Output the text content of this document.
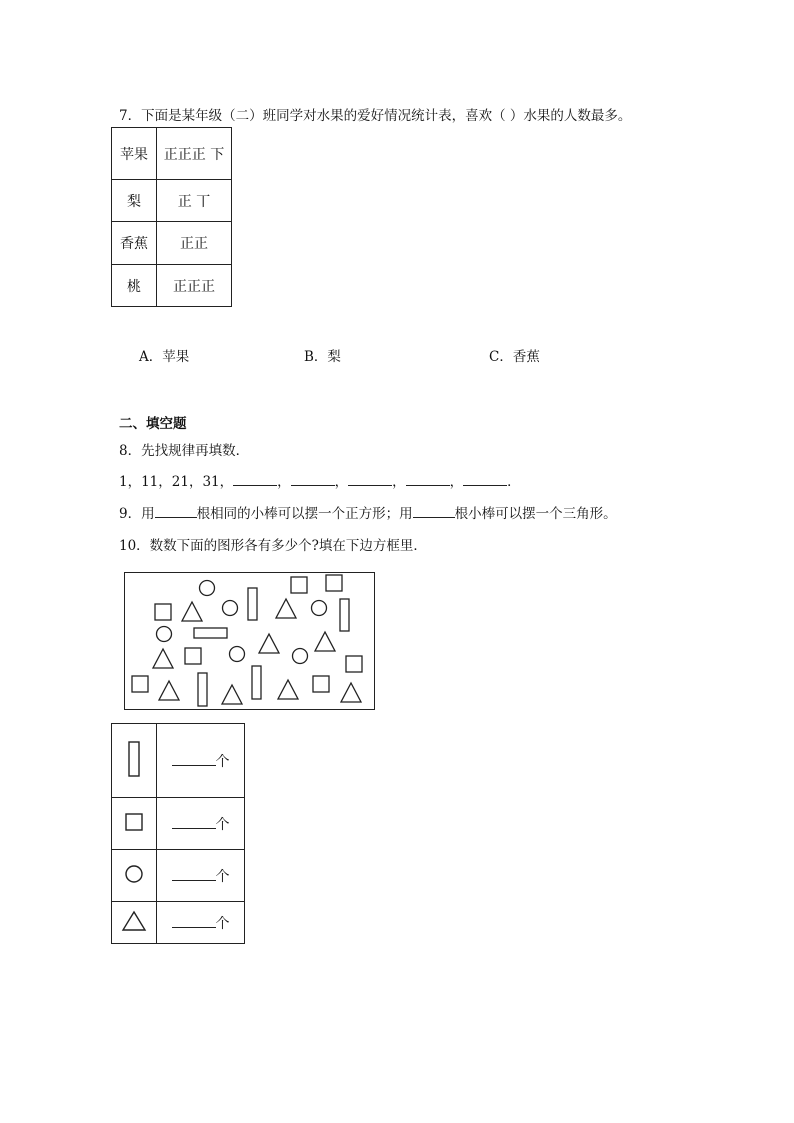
7．下面是某年级（二）班同学对水果的爱好情况统计表，喜欢（ ）水果的人数最多。
苹果	正正正 下
梨	正 丅
香蕉	正正
桃	正正正
A．苹果	B．梨	C．香蕉
二、填空题
8．先找规律再填数．
1，11，21，31，	，	，	，	，	．
9．用	根相同的小棒可以摆一个正方形；用	根小棒可以摆一个三角形。
10．数数下面的图形各有多少个?填在下边方框里．
	个
	个
	个
	个
